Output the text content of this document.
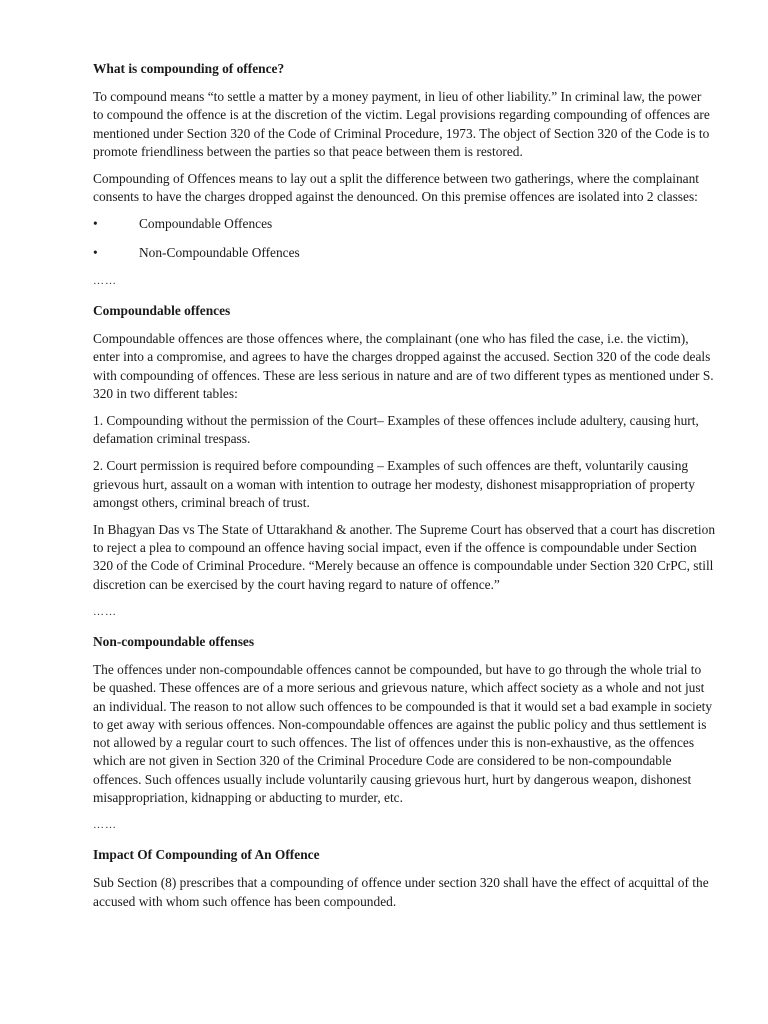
What is compounding of offence?

To compound means “to settle a matter by a money payment, in lieu of other liability.” In criminal law, the power to compound the offence is at the discretion of the victim. Legal provisions regarding compounding of offences are mentioned under Section 320 of the Code of Criminal Procedure, 1973. The object of Section 320 of the Code is to promote friendliness between the parties so that peace between them is restored.

Compounding of Offences means to lay out a split the difference between two gatherings, where the complainant consents to have the charges dropped against the denounced. On this premise offences are isolated into 2 classes:

•	Compoundable Offences
•	Non-Compoundable Offences
……
Compoundable offences

Compoundable offences are those offences where, the complainant (one who has filed the case, i.e. the victim), enter into a compromise, and agrees to have the charges dropped against the accused. Section 320 of the code deals with compounding of offences. These are less serious in nature and are of two different types as mentioned under S. 320 in two different tables:

1. Compounding without the permission of the Court– Examples of these offences include adultery, causing hurt, defamation criminal trespass.

2. Court permission is required before compounding – Examples of such offences are theft, voluntarily causing grievous hurt, assault on a woman with intention to outrage her modesty, dishonest misappropriation of property amongst others, criminal breach of trust.

In Bhagyan Das vs The State of Uttarakhand & another. The Supreme Court has observed that a court has discretion to reject a plea to compound an offence having social impact, even if the offence is compoundable under Section 320 of the Code of Criminal Procedure. “Merely because an offence is compoundable under Section 320 CrPC, still discretion can be exercised by the court having regard to nature of offence.”

……
Non-compoundable offenses

The offences under non-compoundable offences cannot be compounded, but have to go through the whole trial to be quashed. These offences are of a more serious and grievous nature, which affect society as a whole and not just an individual. The reason to not allow such offences to be compounded is that it would set a bad example in society to get away with serious offences. Non-compoundable offences are against the public policy and thus settlement is not allowed by a regular court to such offences. The list of offences under this is non-exhaustive, as the offences which are not given in Section 320 of the Criminal Procedure Code are considered to be non-compoundable offences. Such offences usually include voluntarily causing grievous hurt, hurt by dangerous weapon, dishonest misappropriation, kidnapping or abducting to murder, etc.

……
Impact Of Compounding of An Offence

Sub Section (8) prescribes that a compounding of offence under section 320 shall have the effect of acquittal of the accused with whom such offence has been compounded.
